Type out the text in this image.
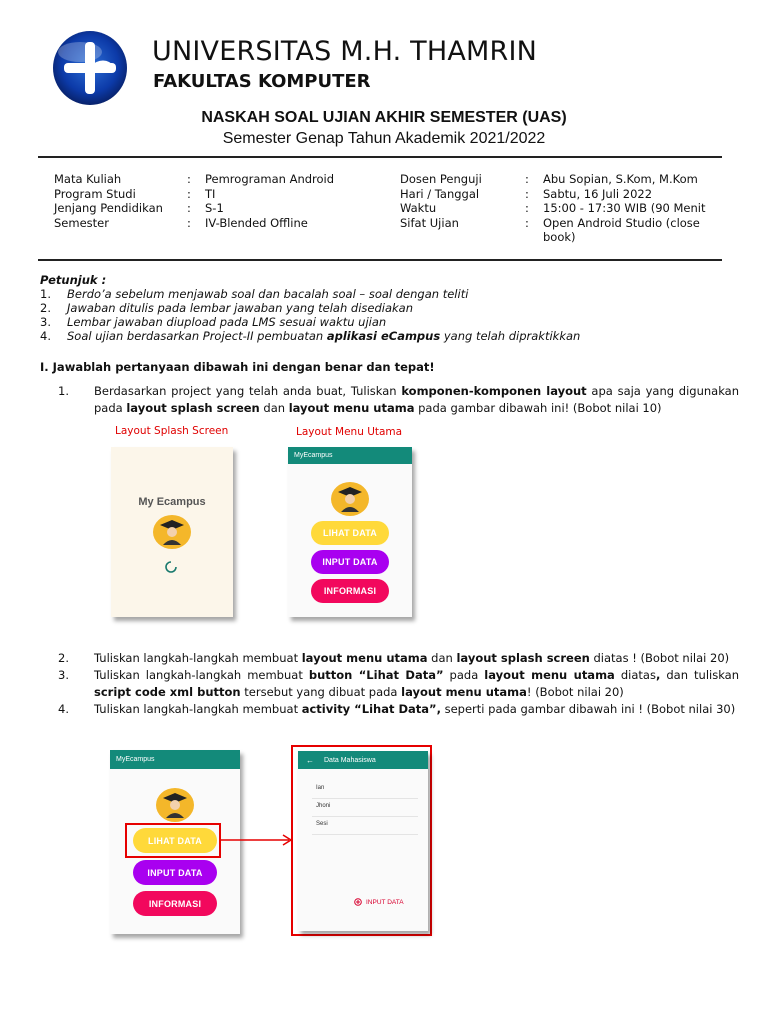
UNIVERSITAS M.H. THAMRIN
FAKULTAS KOMPUTER
NASKAH SOAL UJIAN AKHIR SEMESTER (UAS)
Semester Genap Tahun Akademik 2021/2022
Mata Kuliah	: Pemrograman Android
Program Studi	: TI
Jenjang Pendidikan : S-1
Semester	: IV-Blended Offline
Dosen Penguji	: Abu Sopian, S.Kom, M.Kom
Hari / Tanggal	: Sabtu, 16 Juli 2022
Waktu	: 15:00 - 17:30 WIB (90 Menit
Sifat Ujian	: Open Android Studio (close
book)
Petunjuk :
1. Berdo’a sebelum menjawab soal dan bacalah soal – soal dengan teliti
2. Jawaban ditulis pada lembar jawaban yang telah disediakan
3. Lembar jawaban diupload pada LMS sesuai waktu ujian
4. Soal ujian berdasarkan Project-II pembuatan aplikasi eCampus yang telah dipraktikkan
I. Jawablah pertanyaan dibawah ini dengan benar dan tepat!
1. Berdasarkan project yang telah anda buat, Tuliskan komponen-komponen layout apa saja yang digunakan pada layout splash screen dan layout menu utama pada gambar dibawah ini! (Bobot nilai 10)
Layout Splash Screen	Layout Menu Utama
My Ecampus
MyEcampus
LIHAT DATA
INPUT DATA
INFORMASI
2. Tuliskan langkah-langkah membuat layout menu utama dan layout splash screen diatas ! (Bobot nilai 20)
3. Tuliskan langkah-langkah membuat button “Lihat Data” pada layout menu utama diatas, dan tuliskan script code xml button tersebut yang dibuat pada layout menu utama! (Bobot nilai 20)
4. Tuliskan langkah-langkah membuat activity “Lihat Data”, seperti pada gambar dibawah ini ! (Bobot nilai 30)
MyEcampus
LIHAT DATA
INPUT DATA
INFORMASI
← Data Mahasiswa
Ian
Jhoni
Sesi
INPUT DATA
